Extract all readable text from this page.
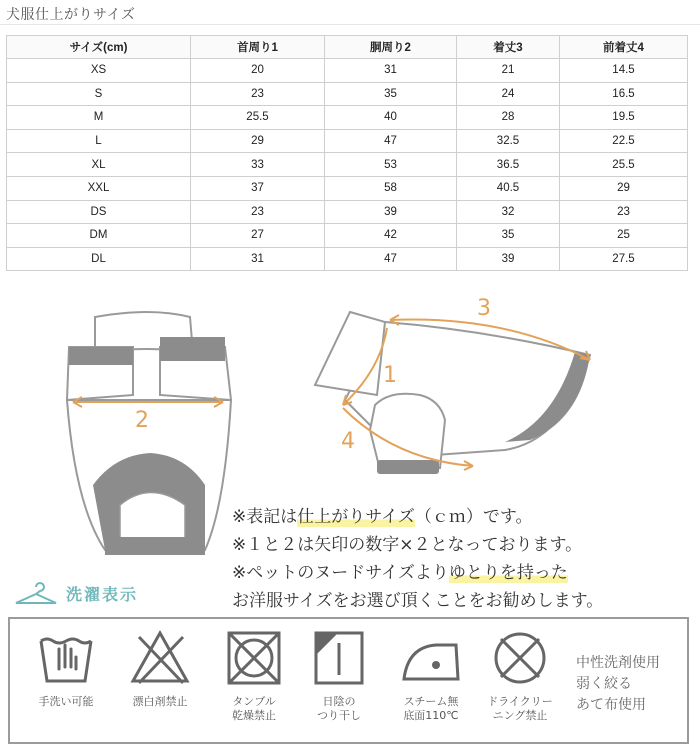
犬服仕上がりサイズ
サイズ(cm)	首周り1	胴周り2	着丈3	前着丈4
XS	20	31	21	14.5
S	23	35	24	16.5
M	25.5	40	28	19.5
L	29	47	32.5	22.5
XL	33	53	36.5	25.5
XXL	37	58	40.5	29
DS	23	39	32	23
DM	27	42	35	25
DL	31	47	39	27.5
2
3
1
4
※表記は仕上がりサイズ（ｃｍ）です。
※１と２は矢印の数字×２となっております。
※ペットのヌードサイズよりゆとりを持った
お洋服サイズをお選び頂くことをお勧めします。
洗濯表示
手洗い可能	漂白剤禁止	タンブル
乾燥禁止
日陰の
つり干し
スチーム無
底面110℃
ドライクリー
ニング禁止
中性洗剤使用
弱く絞る
あて布使用
